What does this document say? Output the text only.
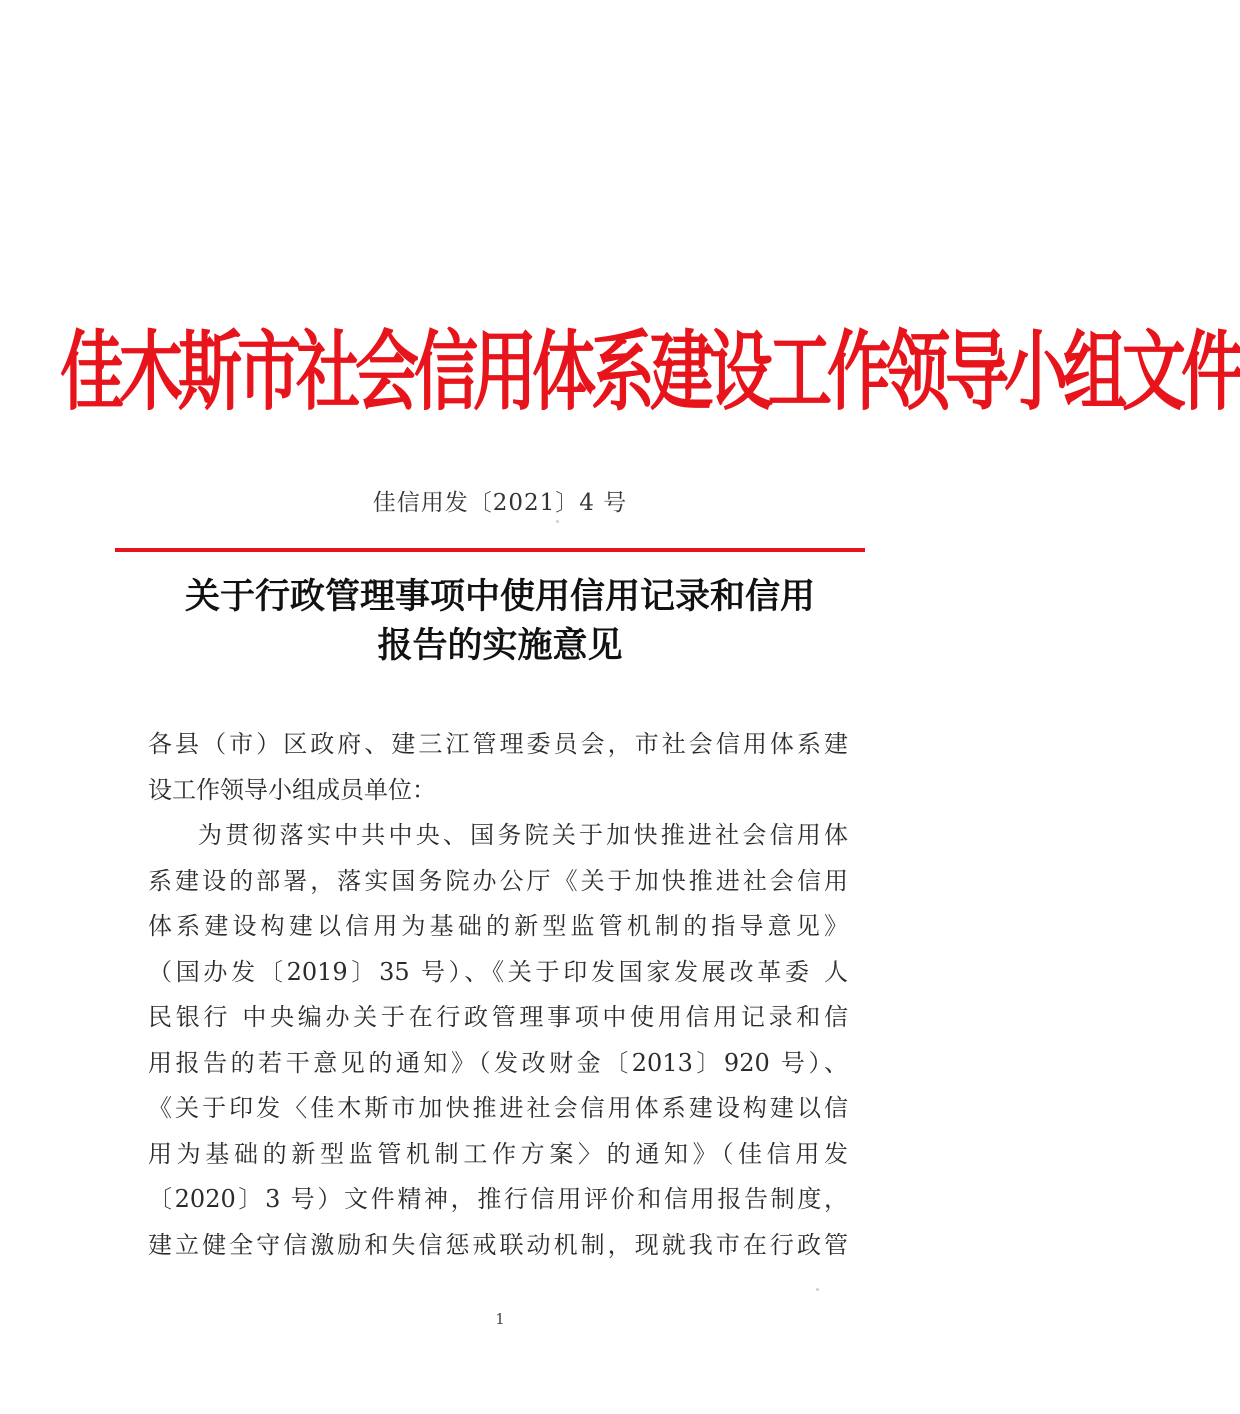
佳木斯市社会信用体系建设工作领导小组文件
佳信用发〔2021〕4 号
关于行政管理事项中使用信用记录和信用
报告的实施意见
各县（市）区政府、建三江管理委员会，市社会信用体系建
设工作领导小组成员单位：
为贯彻落实中共中央、国务院关于加快推进社会信用体
系建设的部署，落实国务院办公厅《关于加快推进社会信用
体系建设构建以信用为基础的新型监管机制的指导意见》
（国办发〔2019〕35 号）、《关于印发国家发展改革委 人
民银行 中央编办关于在行政管理事项中使用信用记录和信
用报告的若干意见的通知》（发改财金〔2013〕920 号）、
《关于印发〈佳木斯市加快推进社会信用体系建设构建以信
用为基础的新型监管机制工作方案〉的通知》（佳信用发
〔2020〕3 号）文件精神，推行信用评价和信用报告制度，
建立健全守信激励和失信惩戒联动机制，现就我市在行政管
1
